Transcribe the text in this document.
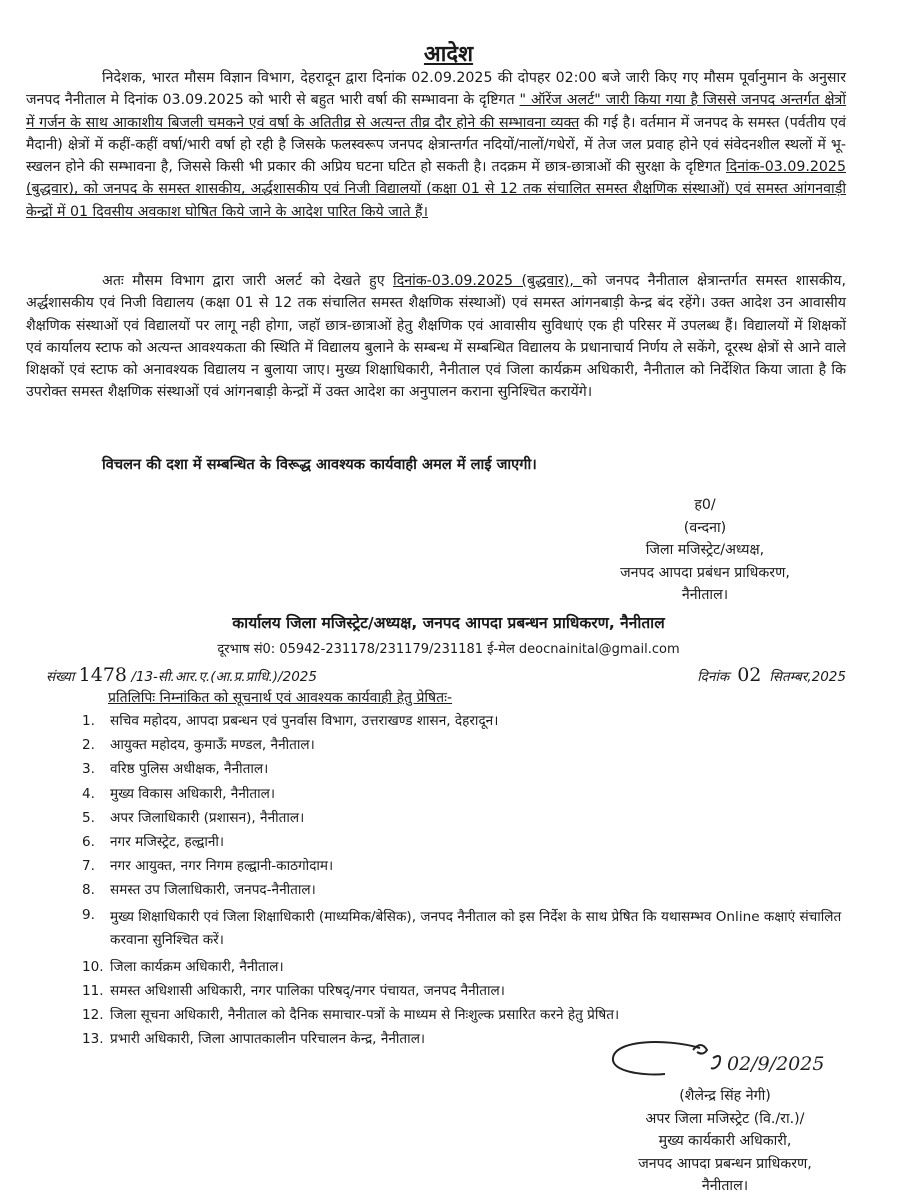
आदेश
निदेशक, भारत मौसम विज्ञान विभाग, देहरादून द्वारा दिनांक 02.09.2025 की दोपहर 02:00 बजे जारी किए गए मौसम पूर्वानुमान के अनुसार जनपद नैनीताल मे दिनांक 03.09.2025 को भारी से बहुत भारी वर्षा की सम्भावना के दृष्टिगत " ऑरेंज अलर्ट" जारी किया गया है जिससे जनपद अन्तर्गत क्षेत्रों में गर्जन के साथ आकाशीय बिजली चमकने एवं वर्षा के अतितीव्र से अत्यन्त तीव्र दौर होने की सम्भावना व्यक्त की गई है। वर्तमान में जनपद के समस्त (पर्वतीय एवं मैदानी) क्षेत्रों में कहीं-कहीं वर्षा/भारी वर्षा हो रही है जिसके फलस्वरूप जनपद क्षेत्रान्तर्गत नदियों/नालों/गधेरों, में तेज जल प्रवाह होने एवं संवेदनशील स्थलों में भू-स्खलन होने की सम्भावना है, जिससे किसी भी प्रकार की अप्रिय घटना घटित हो सकती है। तदक्रम में छात्र-छात्राओं की सुरक्षा के दृष्टिगत दिनांक-03.09.2025 (बुद्धवार), को जनपद के समस्त शासकीय, अर्द्धशासकीय एवं निजी विद्यालयों (कक्षा 01 से 12 तक संचालित समस्त शैक्षणिक संस्थाओं) एवं समस्त आंगनवाड़ी केन्द्रों में 01 दिवसीय अवकाश घोषित किये जाने के आदेश पारित किये जाते हैं।
अतः मौसम विभाग द्वारा जारी अलर्ट को देखते हुए दिनांक-03.09.2025 (बुद्धवार), को जनपद नैनीताल क्षेत्रान्तर्गत समस्त शासकीय, अर्द्धशासकीय एवं निजी विद्यालय (कक्षा 01 से 12 तक संचालित समस्त शैक्षणिक संस्थाओं) एवं समस्त आंगनबाड़ी केन्द्र बंद रहेंगे। उक्त आदेश उन आवासीय शैक्षणिक संस्थाओं एवं विद्यालयों पर लागू नही होगा, जहॉ छात्र-छात्राओं हेतु शैक्षणिक एवं आवासीय सुविधाएं एक ही परिसर में उपलब्ध हैं। विद्यालयों में शिक्षकों एवं कार्यालय स्टाफ को अत्यन्त आवश्यकता की स्थिति में विद्यालय बुलाने के सम्बन्ध में सम्बन्धित विद्यालय के प्रधानाचार्य निर्णय ले सकेंगे, दूरस्थ क्षेत्रों से आने वाले शिक्षकों एवं स्टाफ को अनावश्यक विद्यालय न बुलाया जाए। मुख्य शिक्षाधिकारी, नैनीताल एवं जिला कार्यक्रम अधिकारी, नैनीताल को निर्देशित किया जाता है कि उपरोक्त समस्त शैक्षणिक संस्थाओं एवं आंगनबाड़ी केन्द्रों में उक्त आदेश का अनुपालन कराना सुनिश्चित करायेंगे।
विचलन की दशा में सम्बन्धित के विरूद्ध आवश्यक कार्यवाही अमल में लाई जाएगी।
ह0/
(वन्दना)
जिला मजिस्ट्रेट/अध्यक्ष,
जनपद आपदा प्रबंधन प्राधिकरण,
नैनीताल।
कार्यालय जिला मजिस्ट्रेट/अध्यक्ष, जनपद आपदा प्रबन्धन प्राधिकरण, नैनीताल
दूरभाष सं0: 05942-231178/231179/231181 ई-मेल deocnainital@gmail.com
संख्या 1478 /13-सी.आर.ए.(आ.प्र.प्राधि.)/2025	दिनांक 02 सितम्बर,2025
प्रतिलिपिः निम्नांकित को सूचनार्थ एवं आवश्यक कार्यवाही हेतु प्रेषितः-
1.	सचिव महोदय, आपदा प्रबन्धन एवं पुनर्वास विभाग, उत्तराखण्ड शासन, देहरादून।
2.	आयुक्त महोदय, कुमाऊँ मण्डल, नैनीताल।
3.	वरिष्ठ पुलिस अधीक्षक, नैनीताल।
4.	मुख्य विकास अधिकारी, नैनीताल।
5.	अपर जिलाधिकारी (प्रशासन), नैनीताल।
6.	नगर मजिस्ट्रेट, हल्द्वानी।
7.	नगर आयुक्त, नगर निगम हल्द्वानी-काठगोदाम।
8.	समस्त उप जिलाधिकारी, जनपद-नैनीताल।
9.	मुख्य शिक्षाधिकारी एवं जिला शिक्षाधिकारी (माध्यमिक/बेसिक), जनपद नैनीताल को इस निर्देश के साथ प्रेषित कि यथासम्भव Online कक्षाएं संचालित करवाना सुनिश्चित करें।
10. जिला कार्यक्रम अधिकारी, नैनीताल।
11. समस्त अधिशासी अधिकारी, नगर पालिका परिषद्/नगर पंचायत, जनपद नैनीताल।
12. जिला सूचना अधिकारी, नैनीताल को दैनिक समाचार-पत्रों के माध्यम से निःशुल्क प्रसारित करने हेतु प्रेषित।
13. प्रभारी अधिकारी, जिला आपातकालीन परिचालन केन्द्र, नैनीताल।
02/9/2025
(शैलेन्द्र सिंह नेगी)
अपर जिला मजिस्ट्रेट (वि./रा.)/
मुख्य कार्यकारी अधिकारी,
जनपद आपदा प्रबन्धन प्राधिकरण,
नैनीताल।
